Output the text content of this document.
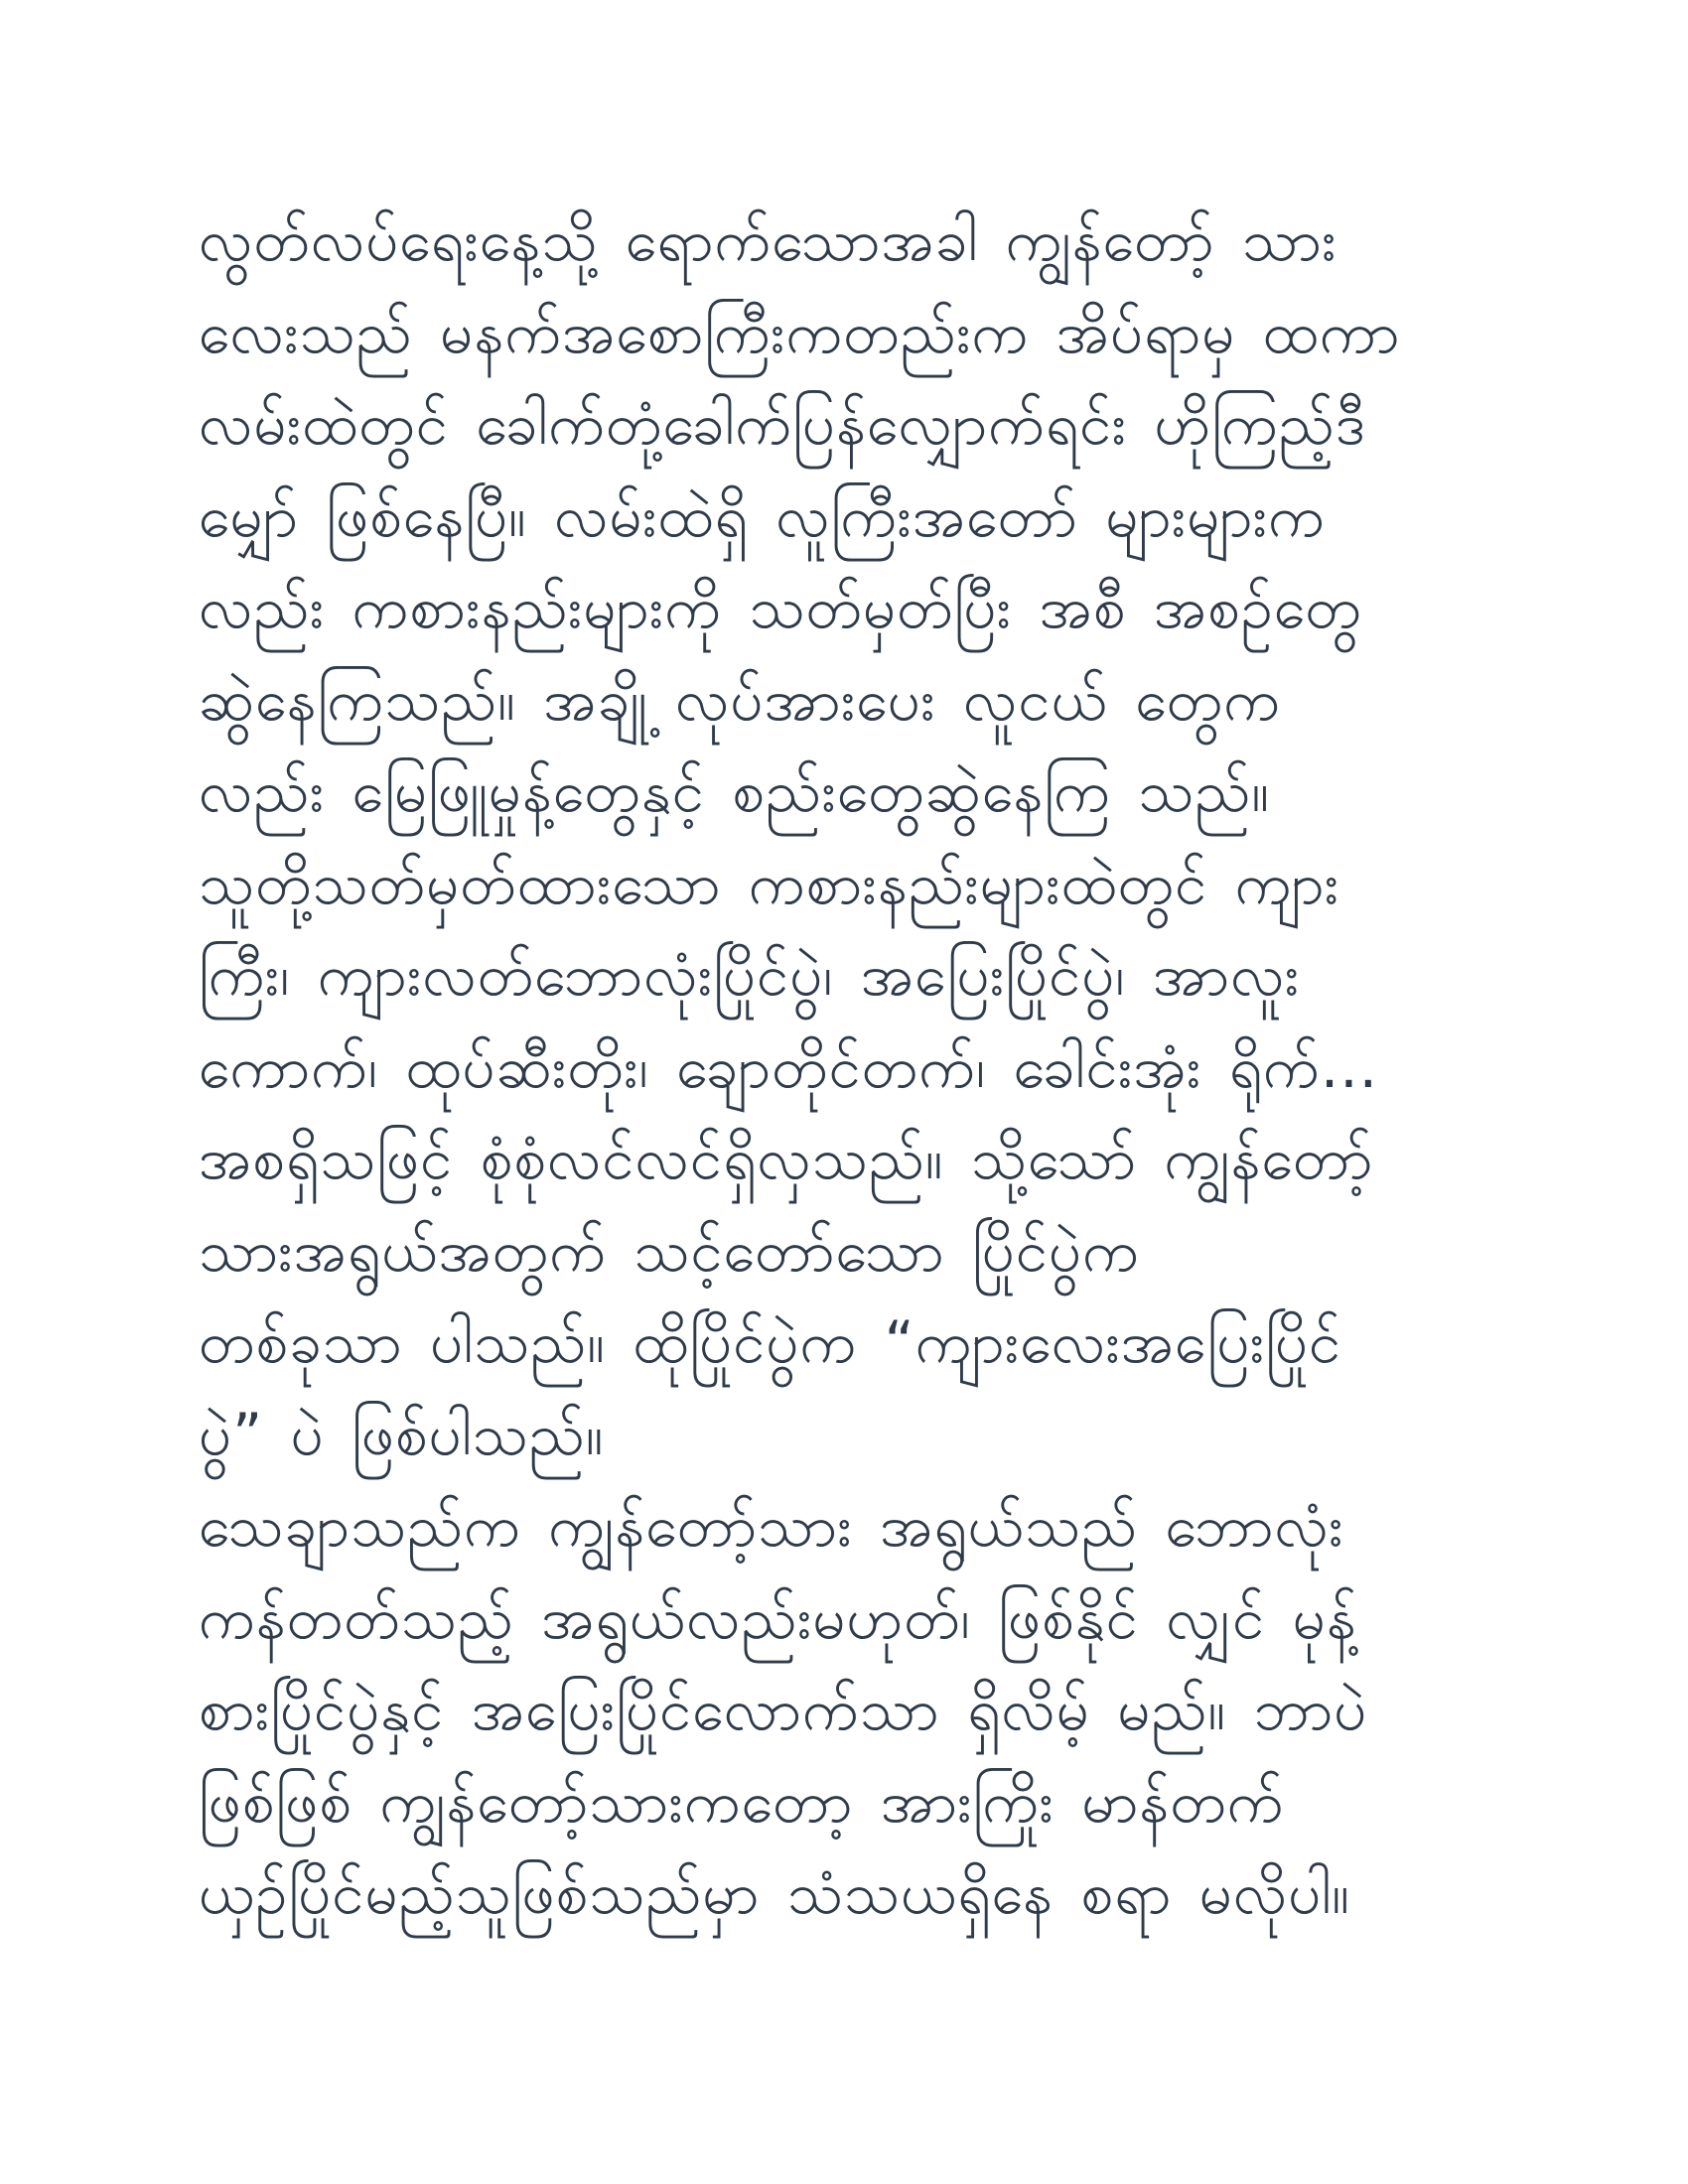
လွတ်လပ်ရေးနေ့သို့ ရောက်သောအခါ ကျွန်တော့် သား
လေးသည် မနက်အစောကြီးကတည်းက အိပ်ရာမှ ထကာ
လမ်းထဲတွင် ခေါက်တုံ့ခေါက်ပြန်လျှောက်ရင်း ဟိုကြည့်ဒီ
မျှော် ဖြစ်နေပြီ။ လမ်းထဲရှိ လူကြီးအတော် များများက
လည်း ကစားနည်းများကို သတ်မှတ်ပြီး အစီ အစဉ်တွေ
ဆွဲနေကြသည်။ အချို့ လုပ်အားပေး လူငယ် တွေက
လည်း မြေဖြူမှုန့်တွေနှင့် စည်းတွေဆွဲနေကြ သည်။
သူတို့သတ်မှတ်ထားသော ကစားနည်းများထဲတွင် ကျား
ကြီး၊ ကျားလတ်ဘောလုံးပြိုင်ပွဲ၊ အပြေးပြိုင်ပွဲ၊ အာလူး
ကောက်၊ ထုပ်ဆီးတိုး၊ ချောတိုင်တက်၊ ခေါင်းအုံး ရိုက်...
အစရှိသဖြင့် စုံစုံလင်လင်ရှိလှသည်။ သို့သော် ကျွန်တော့်
သားအရွယ်အတွက် သင့်တော်သော ပြိုင်ပွဲက
တစ်ခုသာ ပါသည်။ ထိုပြိုင်ပွဲက “ကျားလေးအပြေးပြိုင်
ပွဲ” ပဲ ဖြစ်ပါသည်။
သေချာသည်က ကျွန်တော့်သား အရွယ်သည် ဘောလုံး
ကန်တတ်သည့် အရွယ်လည်းမဟုတ်၊ ဖြစ်နိုင် လျှင် မုန့်
စားပြိုင်ပွဲနှင့် အပြေးပြိုင်လောက်သာ ရှိလိမ့် မည်။ ဘာပဲ
ဖြစ်ဖြစ် ကျွန်တော့်သားကတော့ အားကြိုး မာန်တက်
ယှဉ်ပြိုင်မည့်သူဖြစ်သည်မှာ သံသယရှိနေ စရာ မလိုပါ။
